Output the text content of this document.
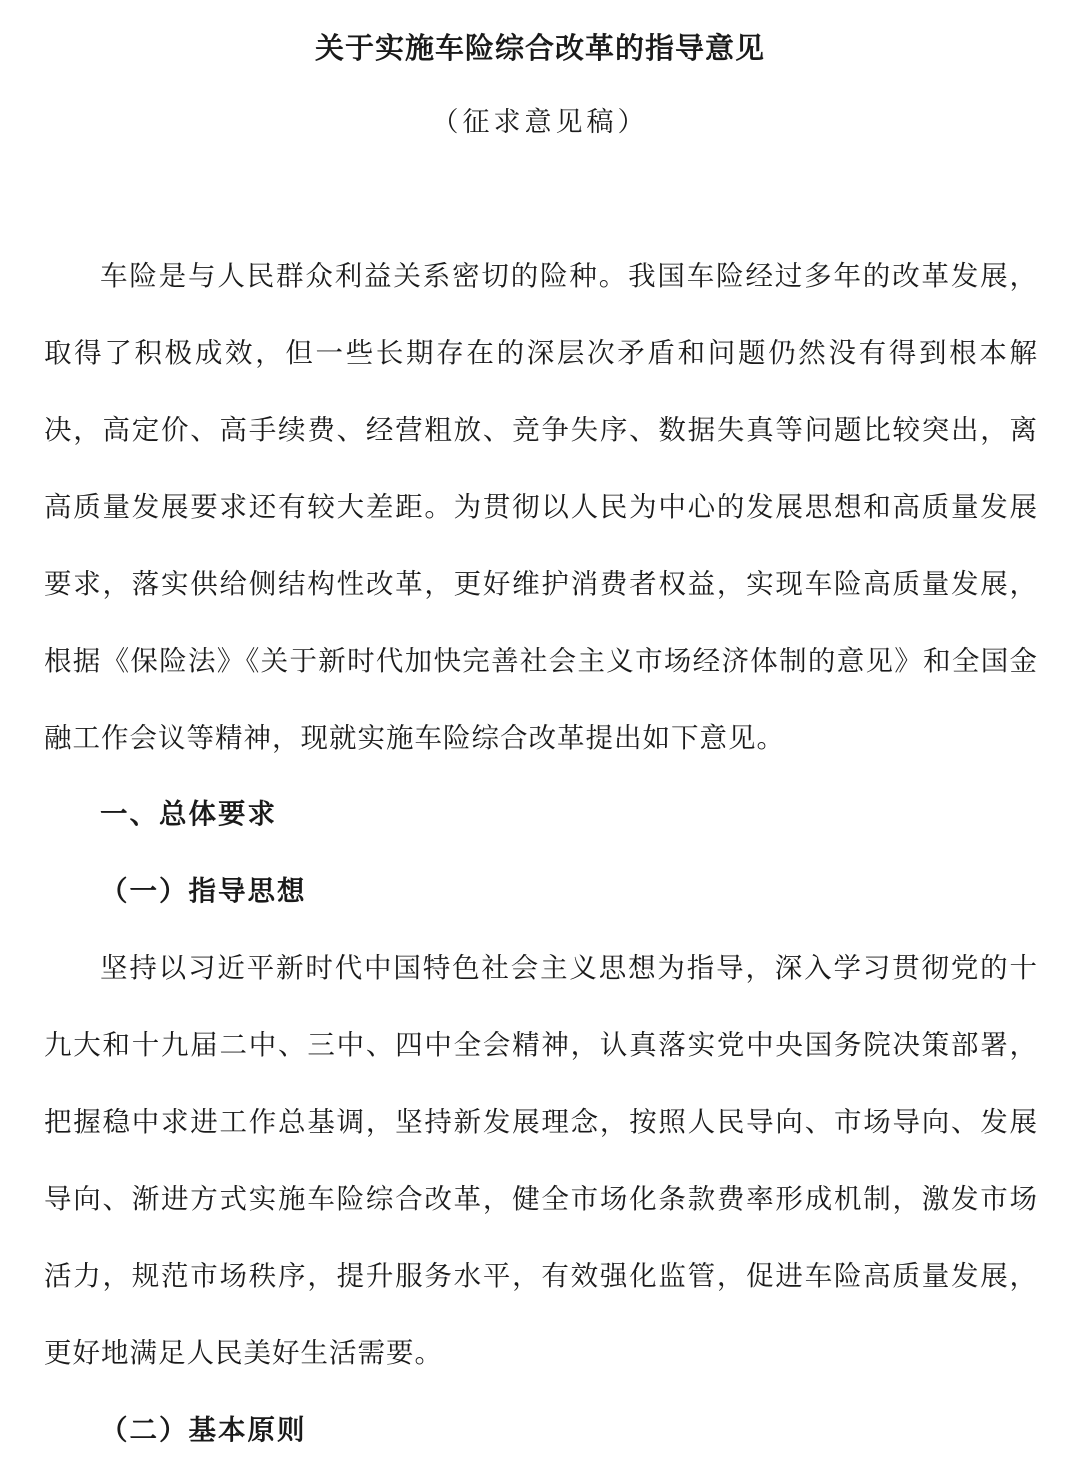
关于实施车险综合改革的指导意见

（征求意见稿）

车险是与人民群众利益关系密切的险种。我国车险经过多年的改革发展，取得了积极成效，但一些长期存在的深层次矛盾和问题仍然没有得到根本解决，高定价、高手续费、经营粗放、竞争失序、数据失真等问题比较突出，离高质量发展要求还有较大差距。为贯彻以人民为中心的发展思想和高质量发展要求，落实供给侧结构性改革，更好维护消费者权益，实现车险高质量发展，根据《保险法》《关于新时代加快完善社会主义市场经济体制的意见》和全国金融工作会议等精神，现就实施车险综合改革提出如下意见。

一、总体要求
（一）指导思想

坚持以习近平新时代中国特色社会主义思想为指导，深入学习贯彻党的十九大和十九届二中、三中、四中全会精神，认真落实党中央国务院决策部署，把握稳中求进工作总基调，坚持新发展理念，按照人民导向、市场导向、发展导向、渐进方式实施车险综合改革，健全市场化条款费率形成机制，激发市场活力，规范市场秩序，提升服务水平，有效强化监管，促进车险高质量发展，更好地满足人民美好生活需要。

（二）基本原则
